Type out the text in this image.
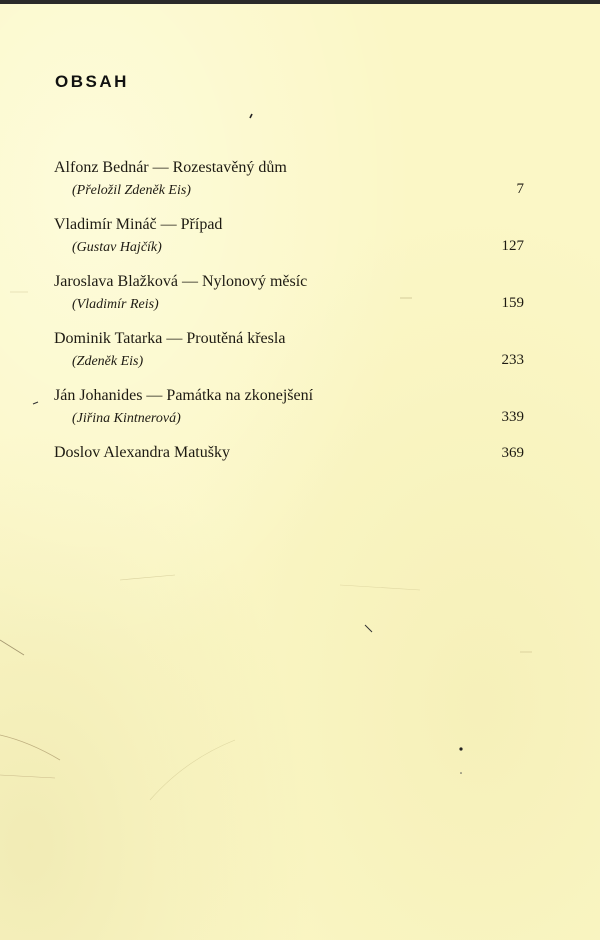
OBSAH
Alfonz Bednár — Rozestavěný dům
(Přeložil Zdeněk Eis)	7
Vladimír Mináč — Případ
(Gustav Hajčík)	127
Jaroslava Blažková — Nylonový měsíc
(Vladimír Reis)	159
Dominik Tatarka — Proutěná křesla
(Zdeněk Eis)	233
Ján Johanides — Památka na zkonejšení
(Jiřina Kintnerová)	339
Doslov Alexandra Matušky	369
